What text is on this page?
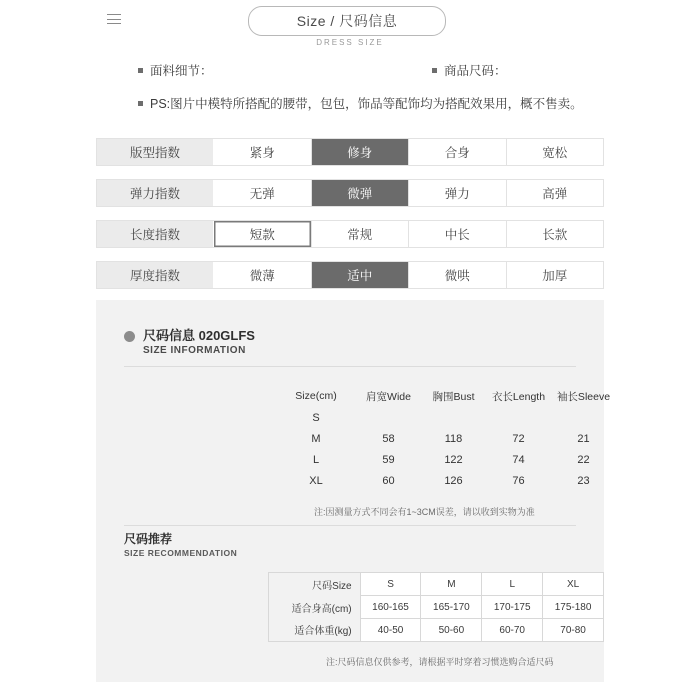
Size / 尺码信息
DRESS SIZE
面料细节：	商品尺码：
PS:图片中模特所搭配的腰带，包包，饰品等配饰均为搭配效果用，概不售卖。
版型指数	紧身	修身	合身	宽松
弹力指数	无弹	微弹	弹力	高弹
长度指数	短款	常规	中长	长款
厚度指数	微薄	适中	微哄	加厚
尺码信息 020GLFS
SIZE INFORMATION
Size(cm)	肩宽Wide	胸围Bust	衣长Length	袖长Sleeve
S				
M	58	118	72	21
L	59	122	74	22
XL	60	126	76	23
注:因测量方式不同会有1~3CM误差，请以收到实物为准
尺码推荐
SIZE RECOMMENDATION
尺码Size	S	M	L	XL
适合身高(cm)	160-165	165-170	170-175	175-180
适合体重(kg)	40-50	50-60	60-70	70-80
注:尺码信息仅供参考，请根据平时穿着习惯选购合适尺码
